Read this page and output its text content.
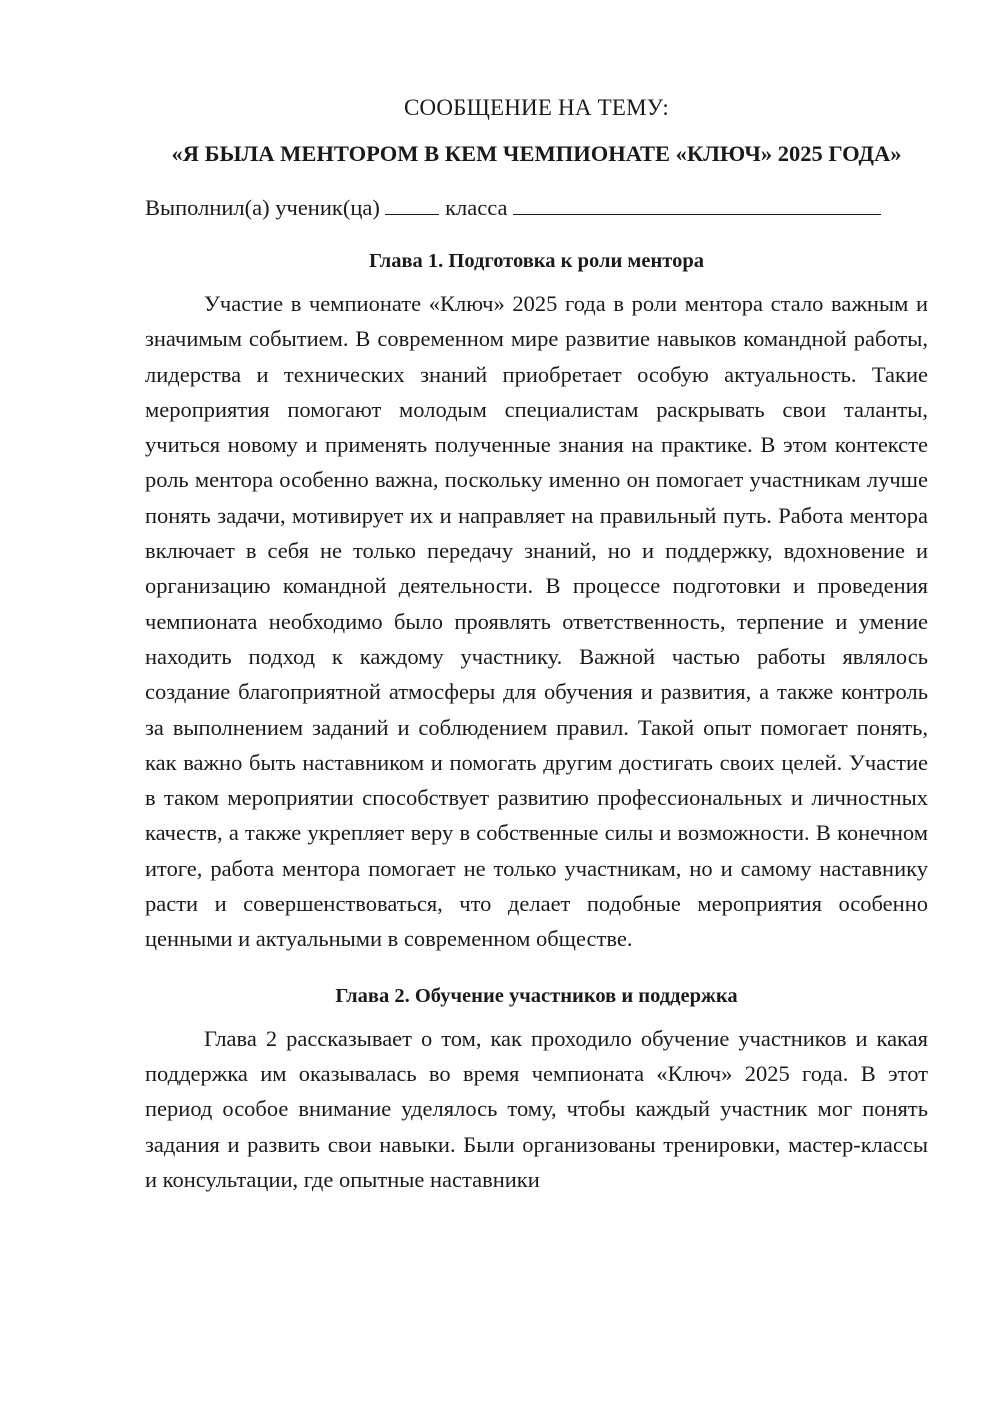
СООБЩЕНИЕ НА ТЕМУ:
«Я БЫЛА МЕНТОРОМ В КЕМ ЧЕМПИОНАТЕ «КЛЮЧ» 2025 ГОДА»

Выполнил(а) ученик(ца)	класса

Глава 1. Подготовка к роли ментора

Участие в чемпионате «Ключ» 2025 года в роли ментора стало важным и значимым событием. В современном мире развитие навыков командной работы, лидерства и технических знаний приобретает особую актуальность. Такие мероприятия помогают молодым специалистам раскрывать свои таланты, учиться новому и применять полученные знания на практике. В этом контексте роль ментора особенно важна, поскольку именно он помогает участникам лучше понять задачи, мотивирует их и направляет на правильный путь. Работа ментора включает в себя не только передачу знаний, но и поддержку, вдохновение и организацию командной деятельности. В процессе подготовки и проведения чемпионата необходимо было проявлять ответственность, терпение и умение находить подход к каждому участнику. Важной частью работы являлось создание благоприятной атмосферы для обучения и развития, а также контроль за выполнением заданий и соблюдением правил. Такой опыт помогает понять, как важно быть наставником и помогать другим достигать своих целей. Участие в таком мероприятии способствует развитию профессиональных и личностных качеств, а также укрепляет веру в собственные силы и возможности. В конечном итоге, работа ментора помогает не только участникам, но и самому наставнику расти и совершенствоваться, что делает подобные мероприятия особенно ценными и актуальными в современном обществе.

Глава 2. Обучение участников и поддержка

Глава 2 рассказывает о том, как проходило обучение участников и какая поддержка им оказывалась во время чемпионата «Ключ» 2025 года. В этот период особое внимание уделялось тому, чтобы каждый участник мог понять задания и развить свои навыки. Были организованы тренировки, мастер-классы и консультации, где опытные наставники
